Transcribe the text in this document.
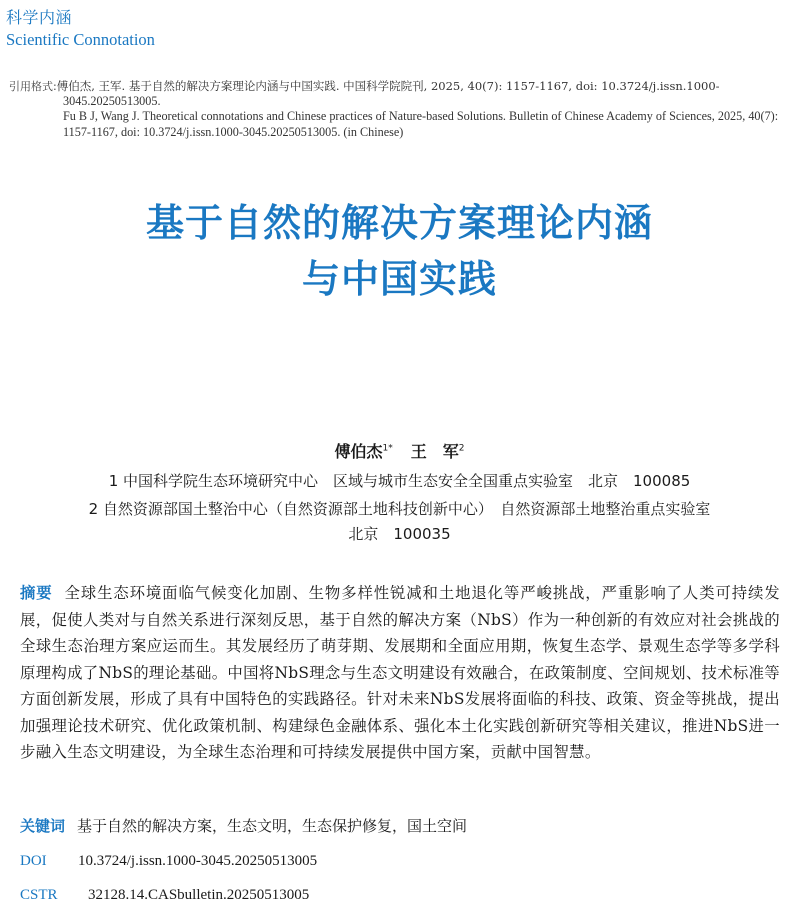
科学内涵
Scientific Connotation
引用格式:傅伯杰, 王军. 基于自然的解决方案理论内涵与中国实践. 中国科学院院刊, 2025, 40(7): 1157-1167, doi: 10.3724/j.issn.1000-
3045.20250513005.
Fu B J, Wang J. Theoretical connotations and Chinese practices of Nature-based Solutions. Bulletin of Chinese Academy of Sciences, 2025, 40(7):
1157-1167, doi: 10.3724/j.issn.1000-3045.20250513005. (in Chinese)
基于自然的解决方案理论内涵
与中国实践
傅伯杰$^{1*}$ 王　军$^2$
1 中国科学院生态环境研究中心　区域与城市生态安全全国重点实验室　北京　100085
2 自然资源部国土整治中心（自然资源部土地科技创新中心）　自然资源部土地整治重点实验室
北京　100035
摘要 全球生态环境面临气候变化加剧、生物多样性锐减和土地退化等严峻挑战，严重影响了人类可持续发展，促使人类对与自然关系进行深刻反思，基于自然的解决方案（NbS）作为一种创新的有效应对社会挑战的全球生态治理方案应运而生。其发展经历了萌芽期、发展期和全面应用期，恢复生态学、景观生态学等多学科原理构成了NbS的理论基础。中国将NbS理念与生态文明建设有效融合，在政策制度、空间规划、技术标准等方面创新发展，形成了具有中国特色的实践路径。针对未来NbS发展将面临的科技、政策、资金等挑战，提出加强理论技术研究、优化政策机制、构建绿色金融体系、强化本土化实践创新研究等相关建议，推进NbS进一步融入生态文明建设，为全球生态治理和可持续发展提供中国方案，贡献中国智慧。
关键词 基于自然的解决方案，生态文明，生态保护修复，国土空间
DOI 10.3724/j.issn.1000-3045.20250513005
CSTR 32128.14.CASbulletin.20250513005
